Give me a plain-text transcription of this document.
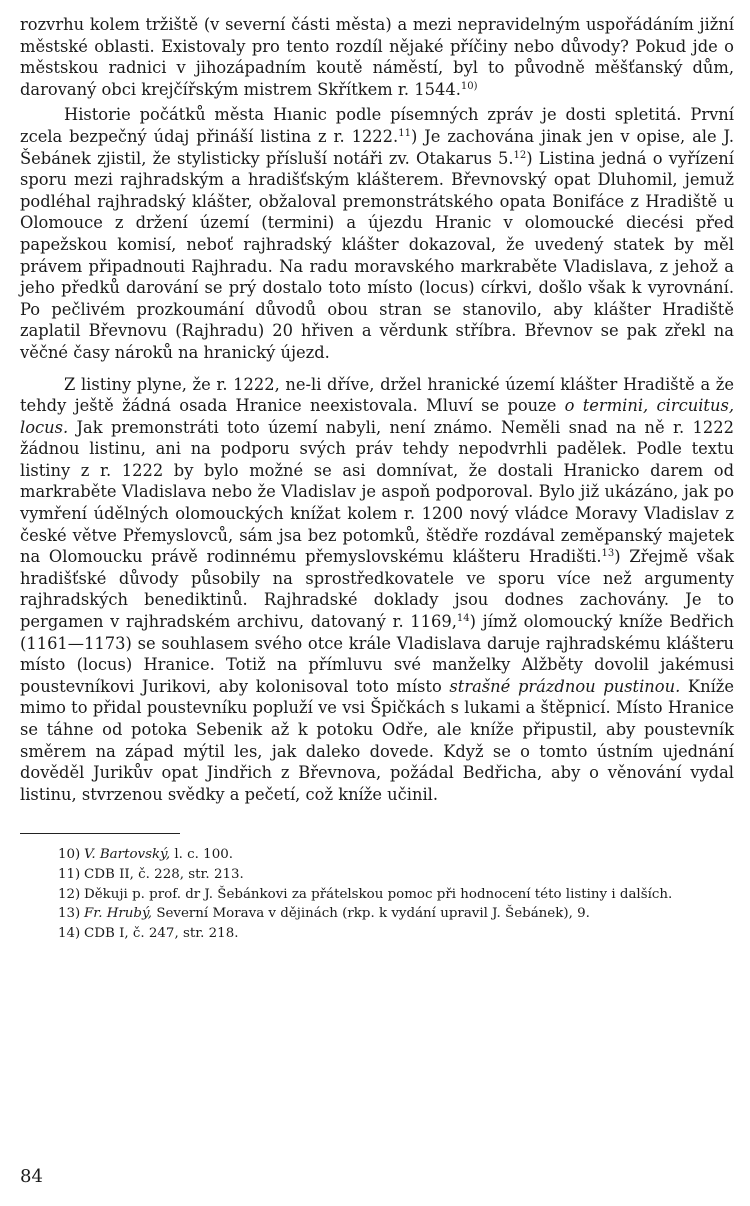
rozvrhu kolem tržiště (v severní části města) a mezi nepravidelným uspořádáním jižní městské oblasti. Existovaly pro tento rozdíl nějaké příčiny nebo důvody? Pokud jde o městskou radnici v jihozápadním koutě náměstí, byl to původně měšťanský dům, darovaný obci krejčířským mistrem Skřítkem r. 1544.$^{10)}$

Historie počátků města Hıanic podle písemných zpráv je dosti spletitá. První zcela bezpečný údaj přináší listina z r. 1222.11) Je zachována jinak jen v opise, ale J. Šebánek zjistil, že stylisticky přísluší notáři zv. Otakarus 5.12) Listina jedná o vyřízení sporu mezi rajhradským a hradišťským klášterem. Břevnovský opat Dluhomil, jemuž podléhal rajhradský klášter, obžaloval premonstrátského opata Bonifáce z Hradiště u Olomouce z držení území (termini) a újezdu Hranic v olomoucké diecési před papežskou komisí, neboť rajhradský klášter dokazoval, že uvedený statek by měl právem připadnouti Rajhradu. Na radu moravského markraběte Vladislava, z jehož a jeho předků darování se prý dostalo toto místo (locus) církvi, došlo však k vyrovnání. Po pečlivém prozkoumání důvodů obou stran se stanovilo, aby klášter Hradiště zaplatil Břevnovu (Rajhradu) 20 hřiven a věrdunk stříbra. Břevnov se pak zřekl na věčné časy nároků na hranický újezd.

Z listiny plyne, že r. 1222, ne-li dříve, držel hranické území klášter Hradiště a že tehdy ještě žádná osada Hranice neexistovala. Mluví se pouze o termini, circuitus, locus. Jak premonstráti toto území nabyli, není známo. Neměli snad na ně r. 1222 žádnou listinu, ani na podporu svých práv tehdy nepodvrhli padělek. Podle textu listiny z r. 1222 by bylo možné se asi domnívat, že dostali Hranicko darem od markraběte Vladislava nebo že Vladislav je aspoň podporoval. Bylo již ukázáno, jak po vymření údělných olomouckých knížat kolem r. 1200 nový vládce Moravy Vladislav z české větve Přemyslovců, sám jsa bez potomků, štědře rozdával zeměpanský majetek na Olomoucku právě rodinnému přemyslovskému klášteru Hradišti.$^{13}$) Zřejmě však hradišťské důvody působily na sprostředkovatele ve sporu více než argumenty rajhradských benediktinů. Rajhradské doklady jsou dodnes zachovány. Je to pergamen v rajhradském archivu, datovaný r. 1169,14) jímž olomoucký kníže Bedřich (1161—1173) se souhlasem svého otce krále Vladislava daruje rajhradskému klášteru místo (locus) Hranice. Totiž na přímluvu své manželky Alžběty dovolil jakémusi poustevníkovi Jurikovi, aby kolonisoval toto místo strašné prázdnou pustinou. Kníže mimo to přidal poustevníku popluží ve vsi Špičkách s lukami a štěpnicí. Místo Hranice se táhne od potoka Sebenik až k potoku Odře, ale kníže připustil, aby poustevník směrem na západ mýtil les, jak daleko dovede. Když se o tomto ústním ujednání dověděl Jurikův opat Jindřich z Břevnova, požádal Bedřicha, aby o věnování vydal listinu, stvrzenou svědky a pečetí, což kníže učinil.

10) V. Bartovský, l. c. 100.

11) CDB II, č. 228, str. 213.

12) Děkuji p. prof. dr J. Šebánkovi za přátelskou pomoc při hodnocení této listiny i dalších.

13) Fr. Hrubý, Severní Morava v dějinách (rkp. k vydání upravil J. Šebánek), 9.

14) CDB I, č. 247, str. 218.

84
